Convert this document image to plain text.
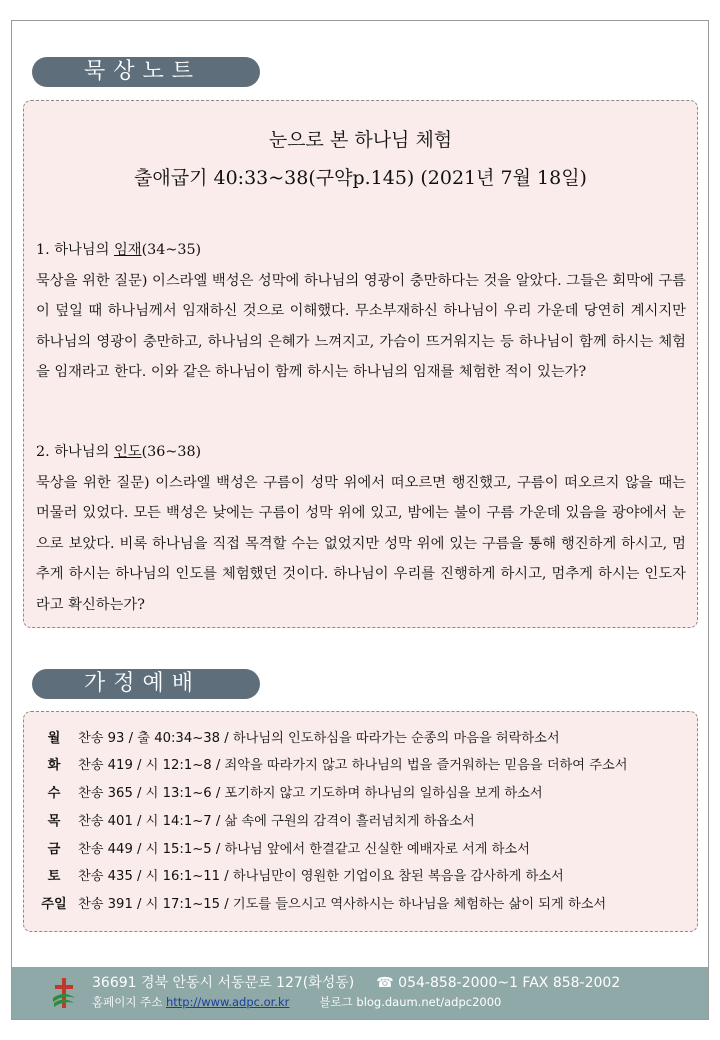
묵상노트
눈으로 본 하나님 체험
출애굽기 40:33~38(구약p.145) (2021년 7월 18일)
1. 하나님의 임재(34~35)
묵상을 위한 질문) 이스라엘 백성은 성막에 하나님의 영광이 충만하다는 것을 알았다. 그들은 회막에 구름이 덮일 때 하나님께서 임재하신 것으로 이해했다. 무소부재하신 하나님이 우리 가운데 당연히 계시지만 하나님의 영광이 충만하고, 하나님의 은혜가 느껴지고, 가슴이 뜨거워지는 등 하나님이 함께 하시는 체험을 임재라고 한다. 이와 같은 하나님이 함께 하시는 하나님의 임재를 체험한 적이 있는가?
2. 하나님의 인도(36~38)
묵상을 위한 질문) 이스라엘 백성은 구름이 성막 위에서 떠오르면 행진했고, 구름이 떠오르지 않을 때는 머물러 있었다. 모든 백성은 낮에는 구름이 성막 위에 있고, 밤에는 불이 구름 가운데 있음을 광야에서 눈으로 보았다. 비록 하나님을 직접 목격할 수는 없었지만 성막 위에 있는 구름을 통해 행진하게 하시고, 멈추게 하시는 하나님의 인도를 체험했던 것이다. 하나님이 우리를 진행하게 하시고, 멈추게 하시는 인도자라고 확신하는가?
가정예배
월 찬송 93 / 출 40:34~38 / 하나님의 인도하심을 따라가는 순종의 마음을 허락하소서
화 찬송 419 / 시 12:1~8 / 죄악을 따라가지 않고 하나님의 법을 즐거워하는 믿음을 더하여 주소서
수 찬송 365 / 시 13:1~6 / 포기하지 않고 기도하며 하나님의 일하심을 보게 하소서
목 찬송 401 / 시 14:1~7 / 삶 속에 구원의 감격이 흘러넘치게 하옵소서
금 찬송 449 / 시 15:1~5 / 하나님 앞에서 한결같고 신실한 예배자로 서게 하소서
토 찬송 435 / 시 16:1~11 / 하나님만이 영원한 기업이요 참된 복음을 감사하게 하소서
주일 찬송 391 / 시 17:1~15 / 기도를 들으시고 역사하시는 하나님을 체험하는 삶이 되게 하소서
36691 경북 안동시 서동문로 127(화성동) ☎ 054-858-2000~1 FAX 858-2002
홈페이지 주소 http://www.adpc.or.kr	블로그 blog.daum.net/adpc2000
